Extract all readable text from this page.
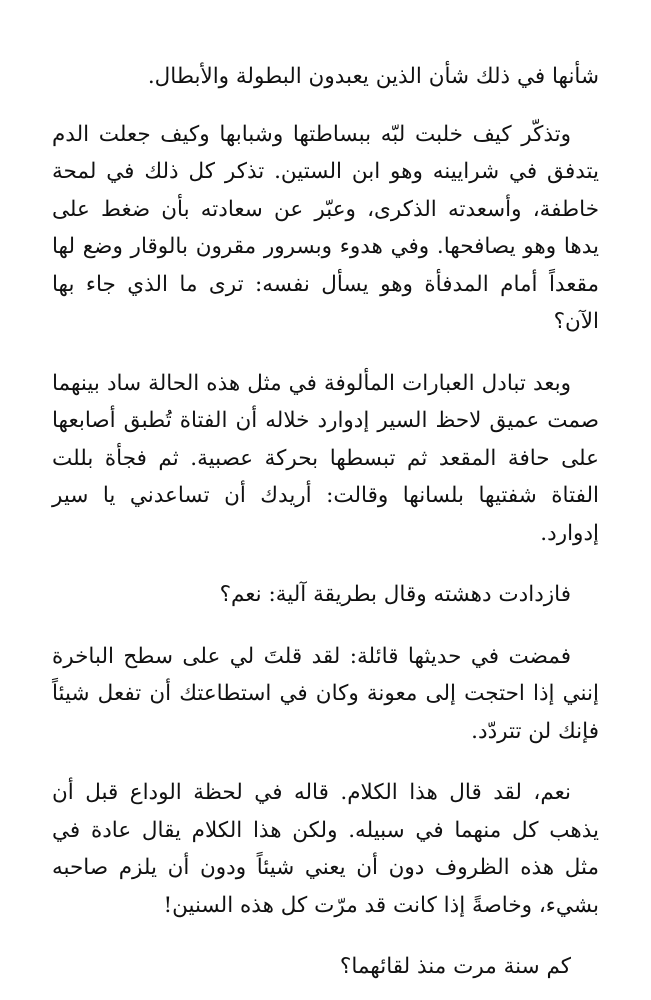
شأنها في ذلك شأن الذين يعبدون البطولة والأبطال.

وتذكّر كيف خلبت لبّه ببساطتها وشبابها وكيف جعلت الدم يتدفق في شرايينه وهو ابن الستين. تذكر كل ذلك في لمحة خاطفة، وأسعدته الذكرى، وعبّر عن سعادته بأن ضغط على يدها وهو يصافحها. وفي هدوء وبسرور مقرون بالوقار وضع لها مقعداً أمام المدفأة وهو يسأل نفسه: ترى ما الذي جاء بها الآن؟

وبعد تبادل العبارات المألوفة في مثل هذه الحالة ساد بينهما صمت عميق لاحظ السير إدوارد خلاله أن الفتاة تُطبق أصابعها على حافة المقعد ثم تبسطها بحركة عصبية. ثم فجأة بللت الفتاة شفتيها بلسانها وقالت: أريدك أن تساعدني يا سير إدوارد.

فازدادت دهشته وقال بطريقة آلية: نعم؟

فمضت في حديثها قائلة: لقد قلتَ لي على سطح الباخرة إنني إذا احتجت إلى معونة وكان في استطاعتك أن تفعل شيئاً فإنك لن تتردّد.

نعم، لقد قال هذا الكلام. قاله في لحظة الوداع قبل أن يذهب كل منهما في سبيله. ولكن هذا الكلام يقال عادة في مثل هذه الظروف دون أن يعني شيئاً ودون أن يلزم صاحبه بشيء، وخاصةً إذا كانت قد مرّت كل هذه السنين!

كم سنة مرت منذ لقائهما؟
